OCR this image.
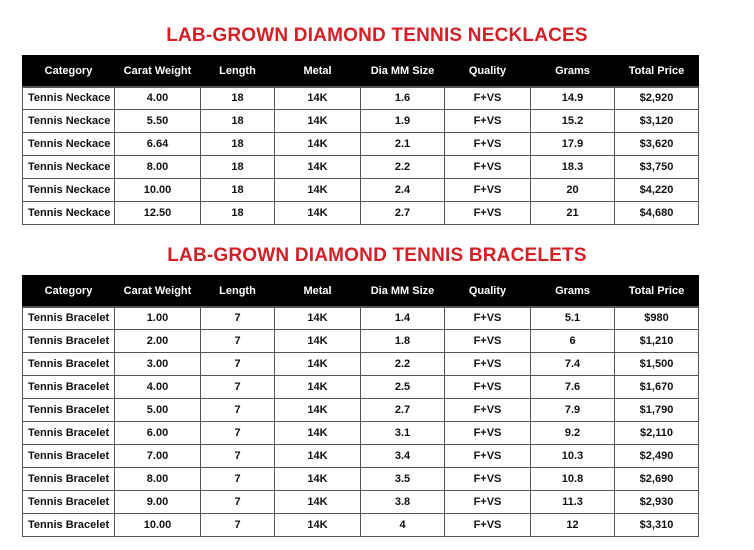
LAB-GROWN DIAMOND TENNIS NECKLACES
Category	Carat Weight	Length	Metal	Dia MM Size	Quality	Grams	Total Price
Tennis Neckace	4.00	18	14K	1.6	F+VS	14.9	$2,920
Tennis Neckace	5.50	18	14K	1.9	F+VS	15.2	$3,120
Tennis Neckace	6.64	18	14K	2.1	F+VS	17.9	$3,620
Tennis Neckace	8.00	18	14K	2.2	F+VS	18.3	$3,750
Tennis Neckace	10.00	18	14K	2.4	F+VS	20	$4,220
Tennis Neckace	12.50	18	14K	2.7	F+VS	21	$4,680
LAB-GROWN DIAMOND TENNIS BRACELETS
Category	Carat Weight	Length	Metal	Dia MM Size	Quality	Grams	Total Price
Tennis Bracelet	1.00	7	14K	1.4	F+VS	5.1	$980
Tennis Bracelet	2.00	7	14K	1.8	F+VS	6	$1,210
Tennis Bracelet	3.00	7	14K	2.2	F+VS	7.4	$1,500
Tennis Bracelet	4.00	7	14K	2.5	F+VS	7.6	$1,670
Tennis Bracelet	5.00	7	14K	2.7	F+VS	7.9	$1,790
Tennis Bracelet	6.00	7	14K	3.1	F+VS	9.2	$2,110
Tennis Bracelet	7.00	7	14K	3.4	F+VS	10.3	$2,490
Tennis Bracelet	8.00	7	14K	3.5	F+VS	10.8	$2,690
Tennis Bracelet	9.00	7	14K	3.8	F+VS	11.3	$2,930
Tennis Bracelet	10.00	7	14K	4	F+VS	12	$3,310
